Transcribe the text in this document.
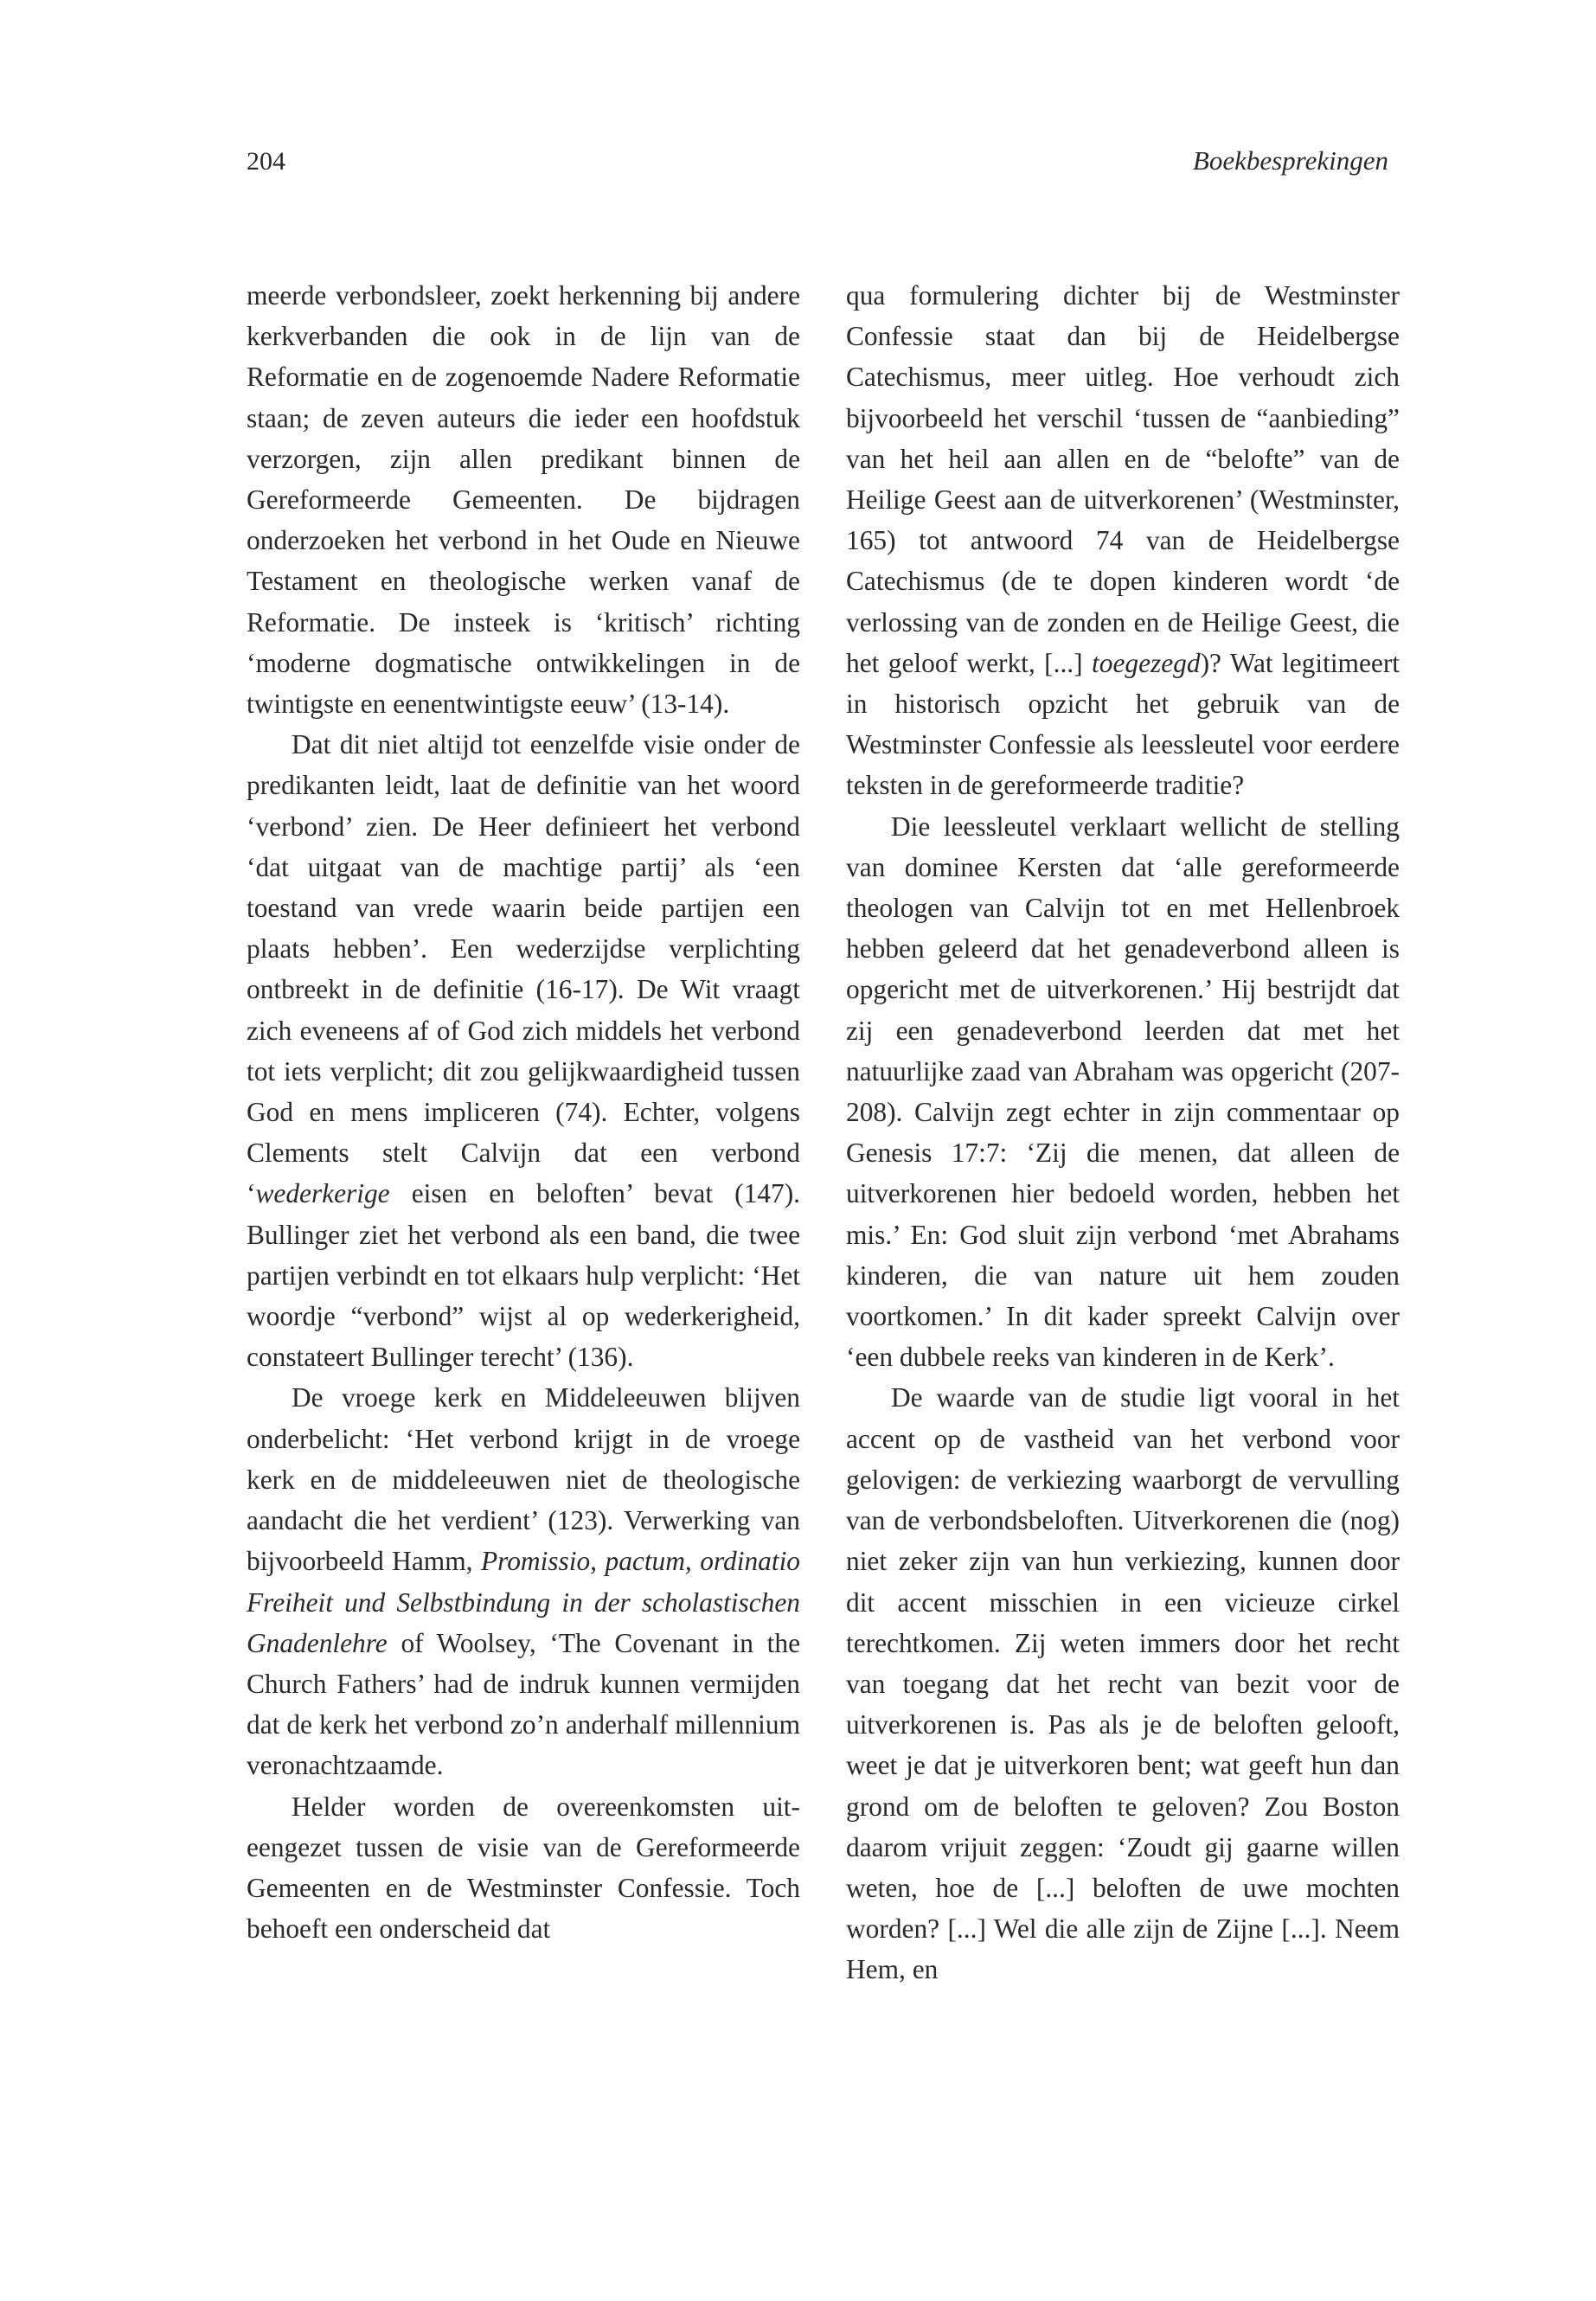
204	Boekbesprekingen

meerde verbondsleer, zoekt herkenning bij andere kerkverbanden die ook in de lijn van de Reformatie en de zogenoemde Nadere Reformatie staan; de zeven auteurs die ieder een hoofdstuk verzorgen, zijn allen predikant binnen de Gereformeerde Gemeenten. De bijdragen onderzoeken het verbond in het Oude en Nieuwe Testament en theologische werken vanaf de Reformatie. De insteek is ‘kritisch’ richting ‘moderne dogmatische ontwikkelingen in de twintigste en eenentwintigste eeuw’ (13-14).

Dat dit niet altijd tot eenzelfde visie onder de predikanten leidt, laat de definitie van het woord ‘verbond’ zien. De Heer definieert het verbond ‘dat uitgaat van de machtige partij’ als ‘een toestand van vrede waarin beide partijen een plaats hebben’. Een wederzijdse verplichting ontbreekt in de definitie (16-17). De Wit vraagt zich eveneens af of God zich middels het verbond tot iets verplicht; dit zou gelijkwaardigheid tussen God en mens impliceren (74). Echter, volgens Clements stelt Calvijn dat een verbond ‘wederkerige eisen en beloften’ bevat (147). Bullinger ziet het verbond als een band, die twee partijen verbindt en tot elkaars hulp verplicht: ‘Het woordje “verbond” wijst al op wederkerigheid, constateert Bullinger terecht’ (136).

De vroege kerk en Middeleeuwen blijven onderbelicht: ‘Het verbond krijgt in de vroege kerk en de middeleeuwen niet de theologische aandacht die het verdient’ (123). Verwerking van bijvoorbeeld Hamm, Promissio, pactum, ordinatio Freiheit und Selbstbindung in der scholastischen Gnadenlehre of Woolsey, ‘The Covenant in the Church Fathers’ had de indruk kunnen vermijden dat de kerk het verbond zo’n anderhalf millennium veronachtzaamde.

Helder worden de overeenkomsten uiteengezet tussen de visie van de Gereformeerde Gemeenten en de Westminster Confessie. Toch behoeft een onderscheid dat

qua formulering dichter bij de Westminster Confessie staat dan bij de Heidelbergse Catechismus, meer uitleg. Hoe verhoudt zich bijvoorbeeld het verschil ‘tussen de “aanbieding” van het heil aan allen en de “belofte” van de Heilige Geest aan de uitverkorenen’ (Westminster, 165) tot antwoord 74 van de Heidelbergse Catechismus (de te dopen kinderen wordt ‘de verlossing van de zonden en de Heilige Geest, die het geloof werkt, [...] toegezegd)? Wat legitimeert in historisch opzicht het gebruik van de Westminster Confessie als leessleutel voor eerdere teksten in de gereformeerde traditie?

Die leessleutel verklaart wellicht de stelling van dominee Kersten dat ‘alle gereformeerde theologen van Calvijn tot en met Hellenbroek hebben geleerd dat het genadeverbond alleen is opgericht met de uitverkorenen.’ Hij bestrijdt dat zij een genadeverbond leerden dat met het natuurlijke zaad van Abraham was opgericht (207-208). Calvijn zegt echter in zijn commentaar op Genesis 17:7: ‘Zij die menen, dat alleen de uitverkorenen hier bedoeld worden, hebben het mis.’ En: God sluit zijn verbond ‘met Abrahams kinderen, die van nature uit hem zouden voortkomen.’ In dit kader spreekt Calvijn over ‘een dubbele reeks van kinderen in de Kerk’.

De waarde van de studie ligt vooral in het accent op de vastheid van het verbond voor gelovigen: de verkiezing waarborgt de vervulling van de verbondsbeloften. Uitverkorenen die (nog) niet zeker zijn van hun verkiezing, kunnen door dit accent misschien in een vicieuze cirkel terechtkomen. Zij weten immers door het recht van toegang dat het recht van bezit voor de uitverkorenen is. Pas als je de beloften gelooft, weet je dat je uitverkoren bent; wat geeft hun dan grond om de beloften te geloven? Zou Boston daarom vrijuit zeggen: ‘Zoudt gij gaarne willen weten, hoe de [...] beloften de uwe mochten worden? [...] Wel die alle zijn de Zijne [...]. Neem Hem, en
